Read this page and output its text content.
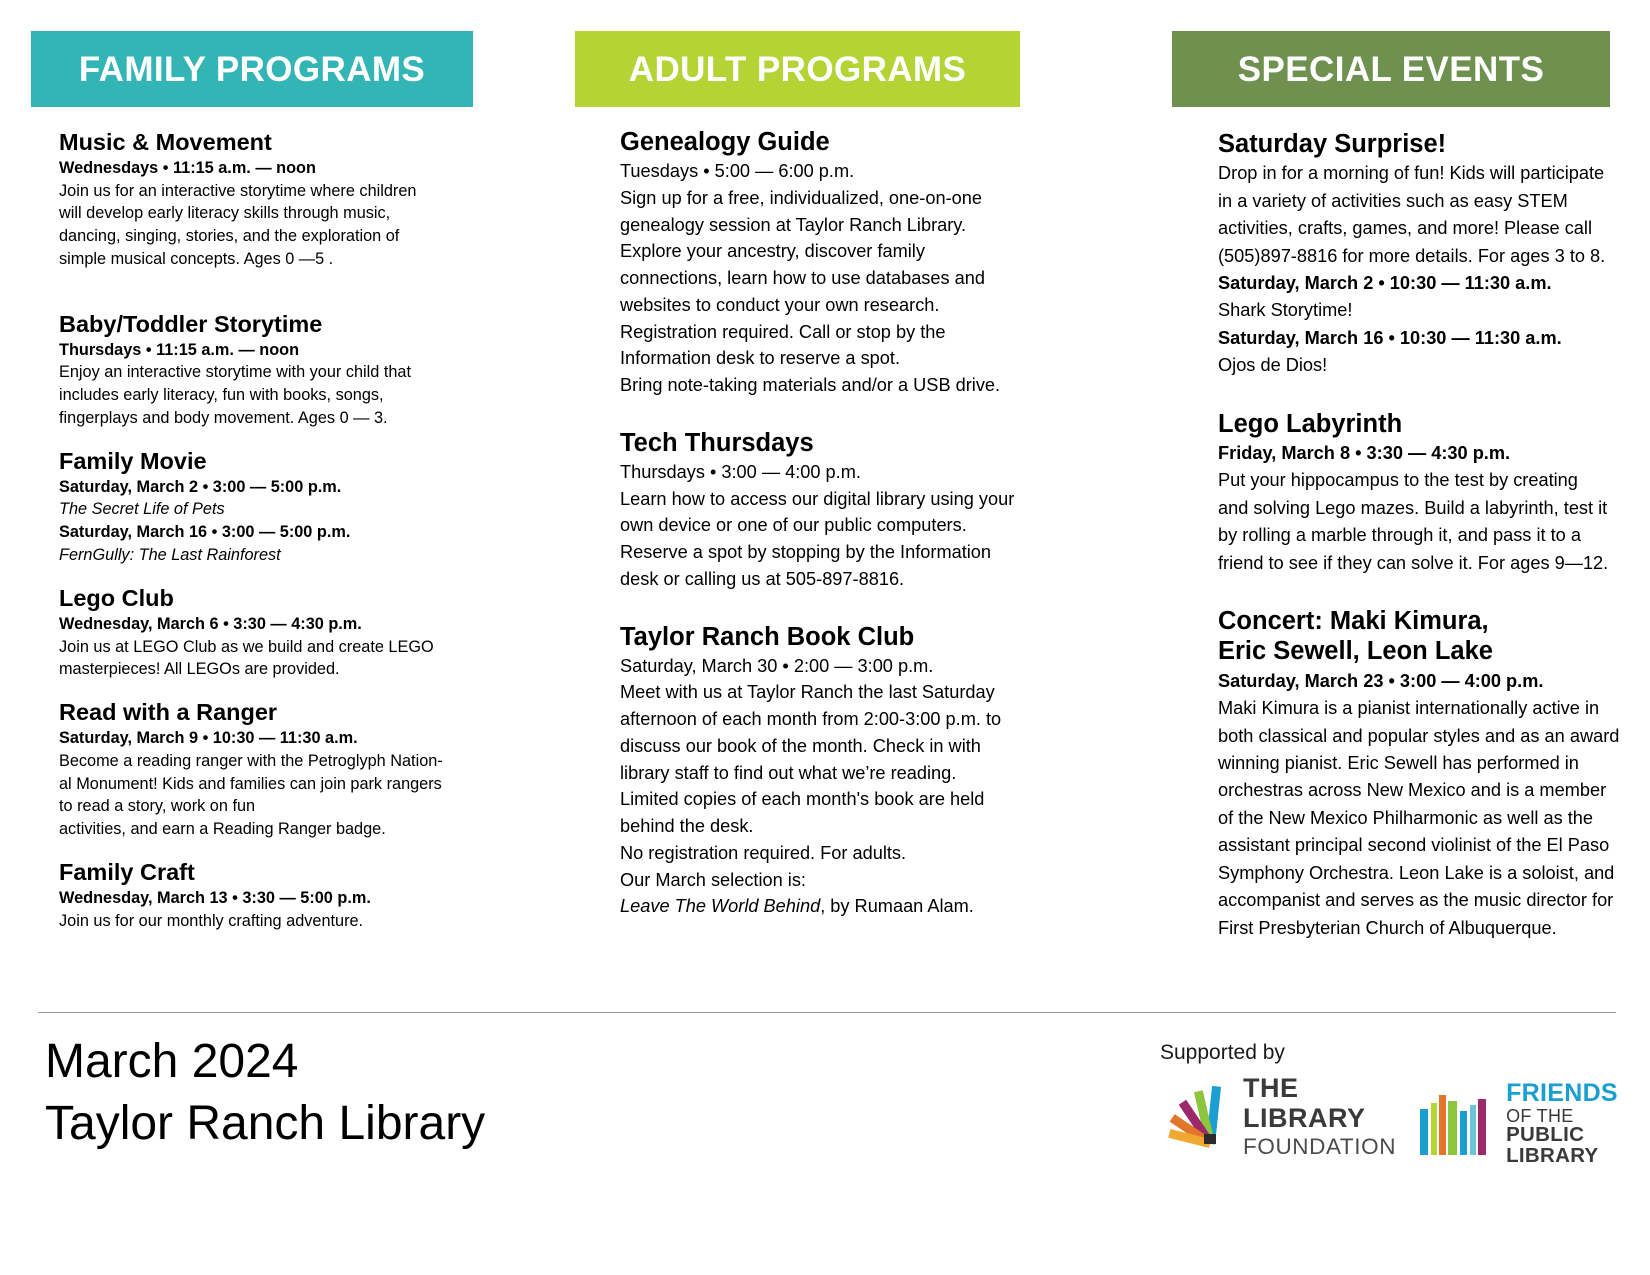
FAMILY PROGRAMS
Music & Movement
Wednesdays • 11:15 a.m. — noon
Join us for an interactive storytime where children
will develop early literacy skills through music,
dancing, singing, stories, and the exploration of
simple musical concepts. Ages 0 —5 .
Baby/Toddler Storytime
Thursdays • 11:15 a.m. — noon
Enjoy an interactive storytime with your child that
includes early literacy, fun with books, songs,
fingerplays and body movement. Ages 0 — 3.
Family Movie
Saturday, March 2 • 3:00 — 5:00 p.m.
The Secret Life of Pets
Saturday, March 16 • 3:00 — 5:00 p.m.
FernGully: The Last Rainforest
Lego Club
Wednesday, March 6 • 3:30 — 4:30 p.m.
Join us at LEGO Club as we build and create LEGO
masterpieces! All LEGOs are provided.
Read with a Ranger
Saturday, March 9 • 10:30 — 11:30 a.m.
Become a reading ranger with the Petroglyph Nation-
al Monument! Kids and families can join park rangers
to read a story, work on fun
activities, and earn a Reading Ranger badge.
Family Craft
Wednesday, March 13 • 3:30 — 5:00 p.m.
Join us for our monthly crafting adventure.
ADULT PROGRAMS
Genealogy Guide
Tuesdays • 5:00 — 6:00 p.m.
Sign up for a free, individualized, one-on-one
genealogy session at Taylor Ranch Library.
Explore your ancestry, discover family
connections, learn how to use databases and
websites to conduct your own research.
Registration required. Call or stop by the
Information desk to reserve a spot.
Bring note-taking materials and/or a USB drive.
Tech Thursdays
Thursdays • 3:00 — 4:00 p.m.
Learn how to access our digital library using your
own device or one of our public computers.
Reserve a spot by stopping by the Information
desk or calling us at 505-897-8816.
Taylor Ranch Book Club
Saturday, March 30 • 2:00 — 3:00 p.m.
Meet with us at Taylor Ranch the last Saturday
afternoon of each month from 2:00-3:00 p.m. to
discuss our book of the month. Check in with
library staff to find out what we’re reading.
Limited copies of each month's book are held
behind the desk.
No registration required. For adults.
Our March selection is:
Leave The World Behind, by Rumaan Alam.
SPECIAL EVENTS
Saturday Surprise!
Drop in for a morning of fun! Kids will participate
in a variety of activities such as easy STEM
activities, crafts, games, and more! Please call
(505)897-8816 for more details. For ages 3 to 8.
Saturday, March 2 • 10:30 — 11:30 a.m.
Shark Storytime!
Saturday, March 16 • 10:30 — 11:30 a.m.
Ojos de Dios!
Lego Labyrinth
Friday, March 8 • 3:30 — 4:30 p.m.
Put your hippocampus to the test by creating
and solving Lego mazes. Build a labyrinth, test it
by rolling a marble through it, and pass it to a
friend to see if they can solve it. For ages 9—12.
Concert: Maki Kimura,
Eric Sewell, Leon Lake
Saturday, March 23 • 3:00 — 4:00 p.m.
Maki Kimura is a pianist internationally active in
both classical and popular styles and as an award
winning pianist. Eric Sewell has performed in
orchestras across New Mexico and is a member
of the New Mexico Philharmonic as well as the
assistant principal second violinist of the El Paso
Symphony Orchestra. Leon Lake is a soloist, and
accompanist and serves as the music director for
First Presbyterian Church of Albuquerque.
March 2024
Taylor Ranch Library
Supported by
THE
LIBRARY
FOUNDATION
FRIENDS
OF THE
PUBLIC
LIBRARY
